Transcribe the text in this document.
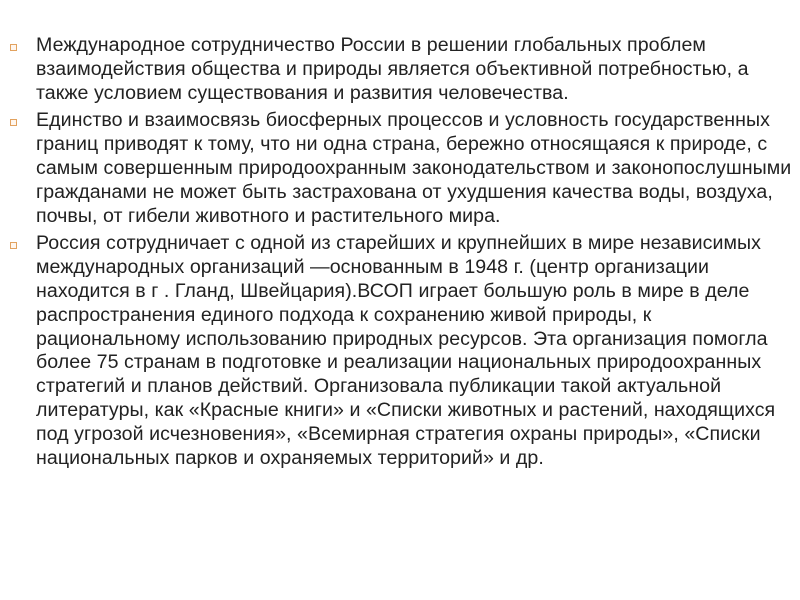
Международное сотрудничество России в решении глобальных проблем взаимодействия общества и природы является объективной потребностью, а также условием существования и развития человечества.
Единство и взаимосвязь биосферных процессов и условность государственных границ приводят к тому, что ни одна страна, бережно относящаяся к природе, с самым совершенным природоохранным законодательством и законопослушными гражданами не может быть застрахована от ухудшения качества воды, воздуха, почвы, от гибели животного и растительного мира.
Россия сотрудничает с одной из старейших и крупнейших в мире независимых международных организаций —основанным в 1948 г. (центр организации находится в г . Гланд, Швейцария).ВСОП играет большую роль в мире в деле распространения единого подхода к сохранению живой природы, к рациональному использованию природных ресурсов. Эта организация помогла более 75 странам в подготовке и реализации национальных природоохранных стратегий и планов действий. Организовала публикации такой актуальной литературы, как «Красные книги» и «Списки животных и растений, находящихся под угрозой исчезновения», «Всемирная стратегия охраны природы», «Списки национальных парков и охраняемых территорий» и др.
